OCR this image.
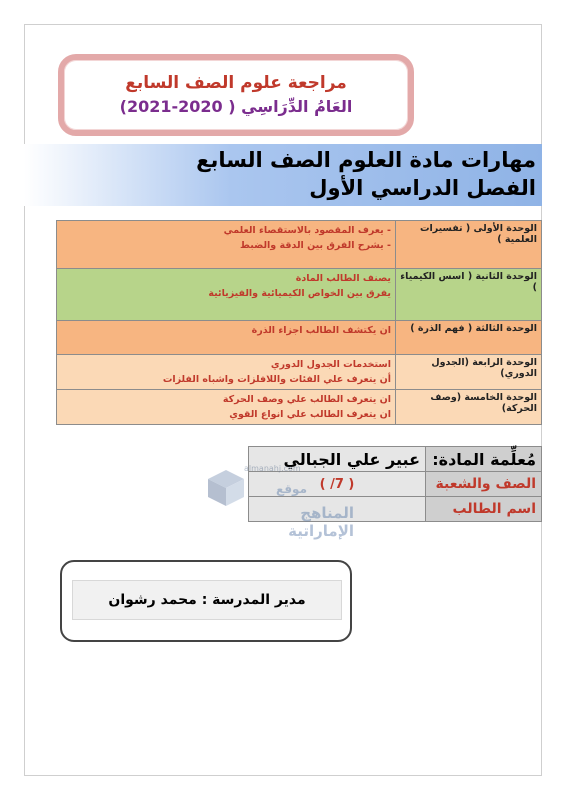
مراجعة علوم الصف السابع
العَامُ الدِّرَاسِي ( 2020-2021)
مهارات مادة العلوم الصف السابع
الفصل الدراسي الأول
الوحدة الأولى ( تفسيرات العلمية )	- يعرف المقصود بالاستقصاء العلمي
- يشرح الفرق بين الدقة والضبط

الوحدة الثانية ( اسس الكيمياء )	يصنف الطالب المادة
يفرق بين الخواص الكيميائية والفيزيائية

الوحدة الثالثة ( فهم الذرة )	ان يكتشف الطالب اجزاء الذرة

الوحدة الرابعة (الجدول الدوري)	استخدمات الجدول الدوري
أن يتعرف علي الفئات واللافلزات واشباه الفلزات

الوحدة الخامسة (وصف الحركة)	ان يتعرف الطالب علي وصف الحركة
ان يتعرف الطالب علي انواع القوي
مُعلِّمة المادة:	عبير علي الجبالي
الصف والشعبة	( 7/ )
اسم الطالب	
almanahj.com
موقع
المناهج الإماراتية
مدير المدرسة : محمد رشوان
